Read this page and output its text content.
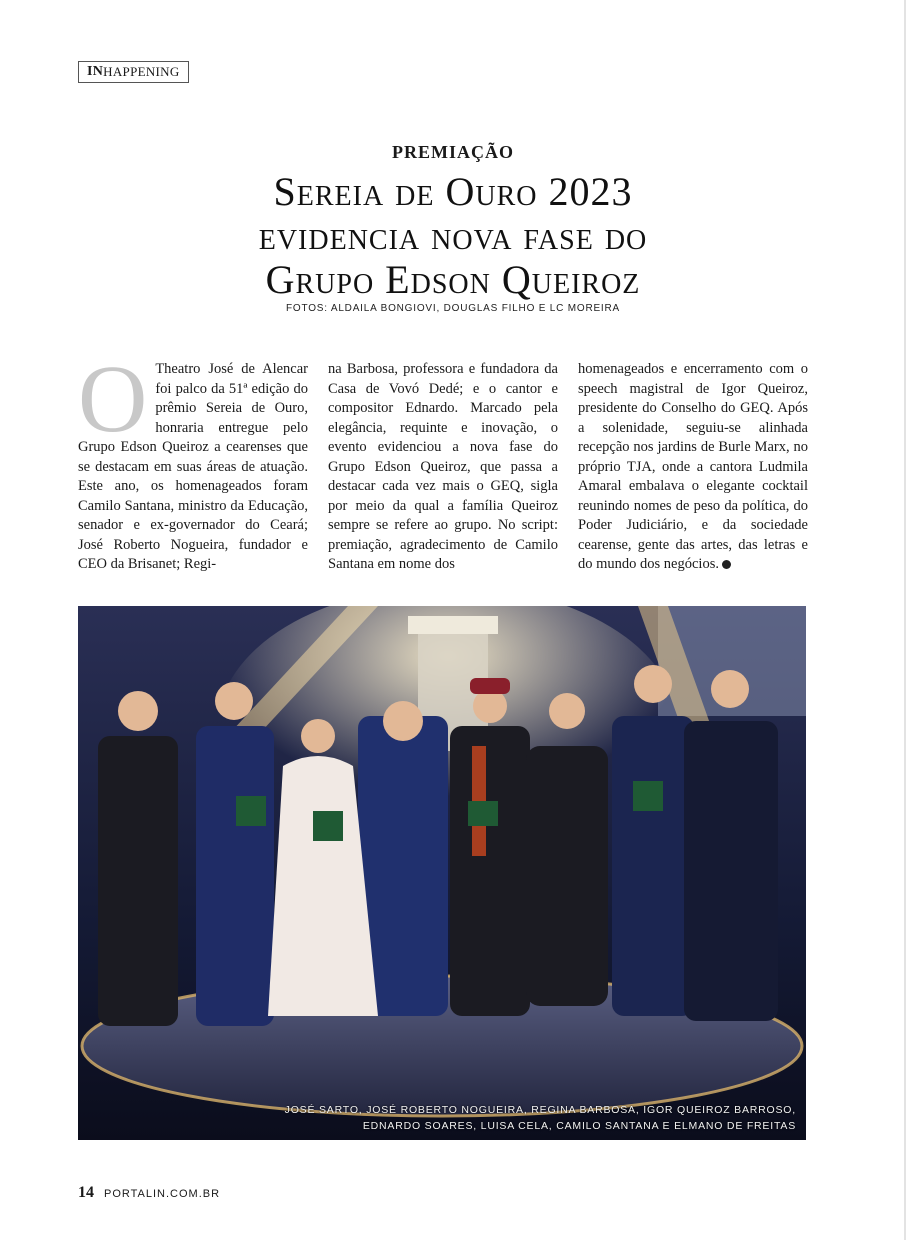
IN HAPPENING
PREMIAÇÃO
Sereia de Ouro 2023
evidencia nova fase do
Grupo Edson Queiroz
FOTOS: ALDAILA BONGIOVI, DOUGLAS FILHO E LC MOREIRA
O Theatro José de Alencar foi palco da 51ª edição do prêmio Sereia de Ouro, honraria entregue pelo Grupo Edson Queiroz a cearenses que se destacam em suas áreas de atuação. Este ano, os homenageados foram Camilo Santana, ministro da Educação, senador e ex-governador do Ceará; José Roberto Nogueira, fundador e CEO da Brisanet; Regi-

na Barbosa, professora e fundadora da Casa de Vovó Dedé; e o cantor e compositor Ednardo. Marcado pela elegância, requinte e inovação, o evento evidenciou a nova fase do Grupo Edson Queiroz, que passa a destacar cada vez mais o GEQ, sigla por meio da qual a família Queiroz sempre se refere ao grupo. No script: premiação, agradecimento de Camilo Santana em nome dos

homenageados e encerramento com o speech magistral de Igor Queiroz, presidente do Conselho do GEQ. Após a solenidade, seguiu-se alinhada recepção nos jardins de Burle Marx, no próprio TJA, onde a cantora Ludmila Amaral embalava o elegante cocktail reunindo nomes de peso da política, do Poder Judiciário, e da sociedade cearense, gente das artes, das letras e do mundo dos negócios.

JOSÉ SARTO, JOSÉ ROBERTO NOGUEIRA, REGINA BARBOSA, IGOR QUEIROZ BARROSO,
EDNARDO SOARES, LUISA CELA, CAMILO SANTANA E ELMANO DE FREITAS
14 PORTALIN.COM.BR
